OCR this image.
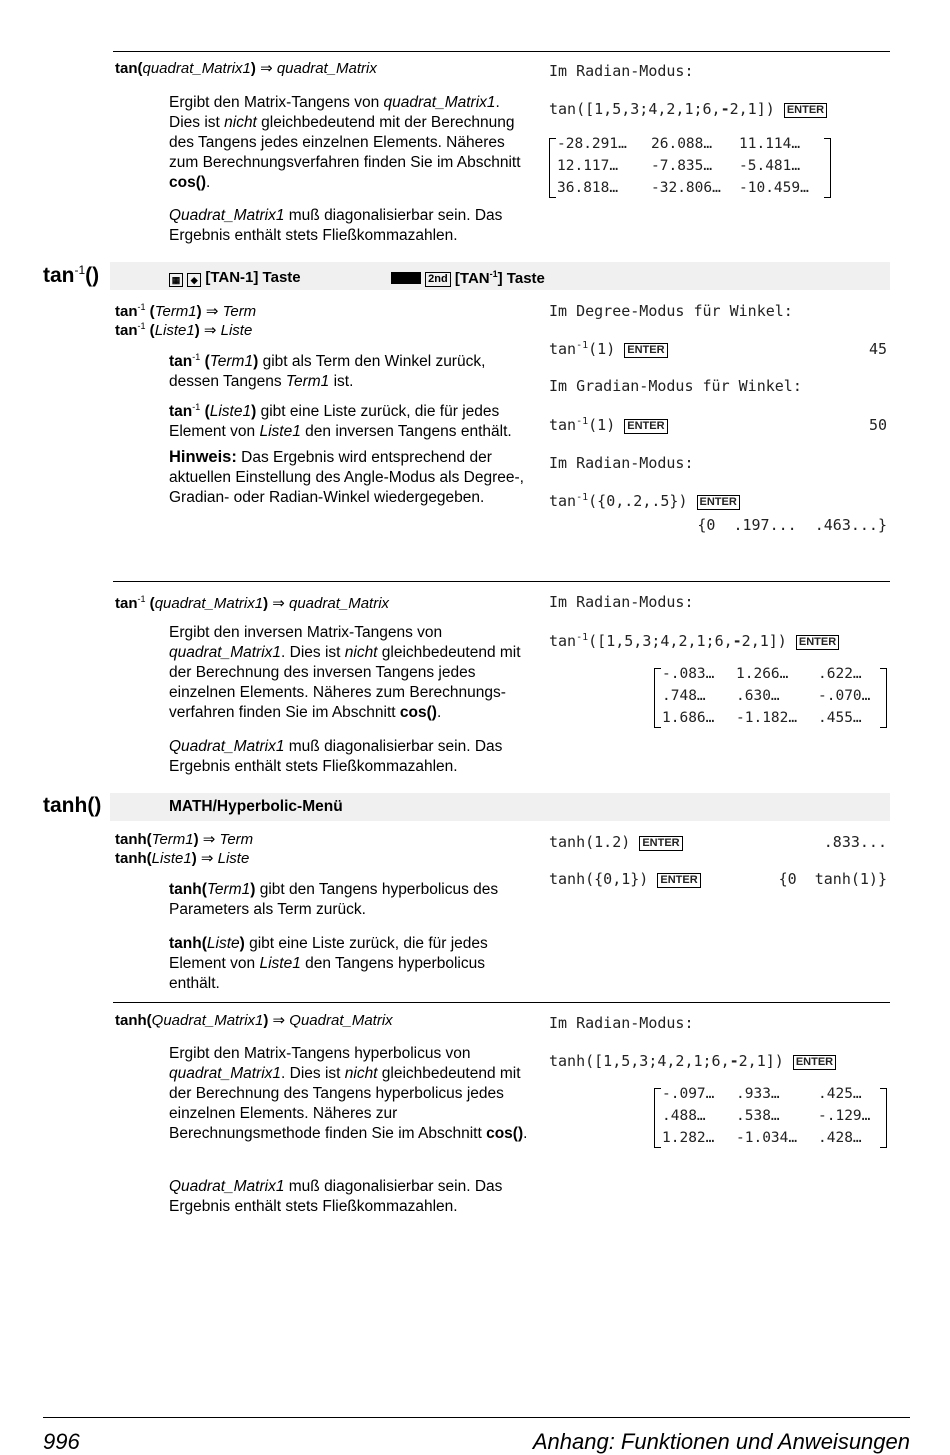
tan(quadrat_Matrix1) ⇒ quadrat_Matrix
Ergibt den Matrix-Tangens von quadrat_Matrix1. Dies ist nicht gleichbedeutend mit der Berechnung des Tangens jedes einzelnen Elements. Näheres zum Berechnungsverfahren finden Sie im Abschnitt cos().
Quadrat_Matrix1 muß diagonalisierbar sein. Das Ergebnis enthält stets Fließkommazahlen.
Im Radian-Modus:
tan([1,5,3;4,2,1;6,-2,1]) ENTER
-28.291… 26.088… 11.114…
12.117… -7.835… -5.481…
36.818… -32.806… -10.459…
$\tan^{-1}()$	▦ ◆ [TAN-1] Taste	2nd $[TAN^{-1}]$ Taste
$\tan^{-1}$ (Term1) ⇒ Term
$\tan^{-1}$ (Liste1) ⇒ Liste
$\tan^{-1}$ (Term1) gibt als Term den Winkel zurück, dessen Tangens Term1 ist.
$\tan^{-1}$ (Liste1) gibt eine Liste zurück, die für jedes Element von Liste1 den inversen Tangens enthält.
Hinweis: Das Ergebnis wird entsprechend der aktuellen Einstellung des Angle-Modus als Degree-, Gradian- oder Radian-Winkel wiedergegeben.
Im Degree-Modus für Winkel:
$\tan^{-1}(1)$ ENTER	45
Im Gradian-Modus für Winkel:
$\tan^{-1}(1)$ ENTER	50
Im Radian-Modus:
$\tan^{-1}(\{0,.2,.5\})$ ENTER
{0  .197...  .463...}
$\tan^{-1}$ (quadrat_Matrix1) ⇒ quadrat_Matrix
Ergibt den inversen Matrix-Tangens von quadrat_Matrix1. Dies ist nicht gleichbedeutend mit der Berechnung des inversen Tangens jedes einzelnen Elements. Näheres zum Berechnungs-verfahren finden Sie im Abschnitt cos().
Quadrat_Matrix1 muß diagonalisierbar sein. Das Ergebnis enthält stets Fließkommazahlen.
Im Radian-Modus:
$\tan^{-1}([1,5,3;4,2,1;6,-2,1])$ ENTER
-.083… 1.266… .622…
.748… .630…	-.070…
1.686… -1.182… .455…
tanh()	MATH/Hyperbolic-Menü
tanh(Term1) ⇒ Term
tanh(Liste1) ⇒ Liste
tanh(Term1) gibt den Tangens hyperbolicus des Parameters als Term zurück.
tanh(Liste) gibt eine Liste zurück, die für jedes Element von Liste1 den Tangens hyperbolicus enthält.
tanh(1.2) ENTER	.833...
tanh({0,1}) ENTER	{0  tanh(1)}
tanh(Quadrat_Matrix1) ⇒ Quadrat_Matrix
Ergibt den Matrix-Tangens hyperbolicus von quadrat_Matrix1. Dies ist nicht gleichbedeutend mit der Berechnung des Tangens hyperbolicus jedes einzelnen Elements. Näheres zur Berechnungsmethode finden Sie im Abschnitt cos().
Quadrat_Matrix1 muß diagonalisierbar sein. Das Ergebnis enthält stets Fließkommazahlen.
Im Radian-Modus:
tanh([1,5,3;4,2,1;6,-2,1]) ENTER
-.097… .933…	.425…
.488… .538…	-.129…
1.282… -1.034… .428…
996	Anhang: Funktionen und Anweisungen
